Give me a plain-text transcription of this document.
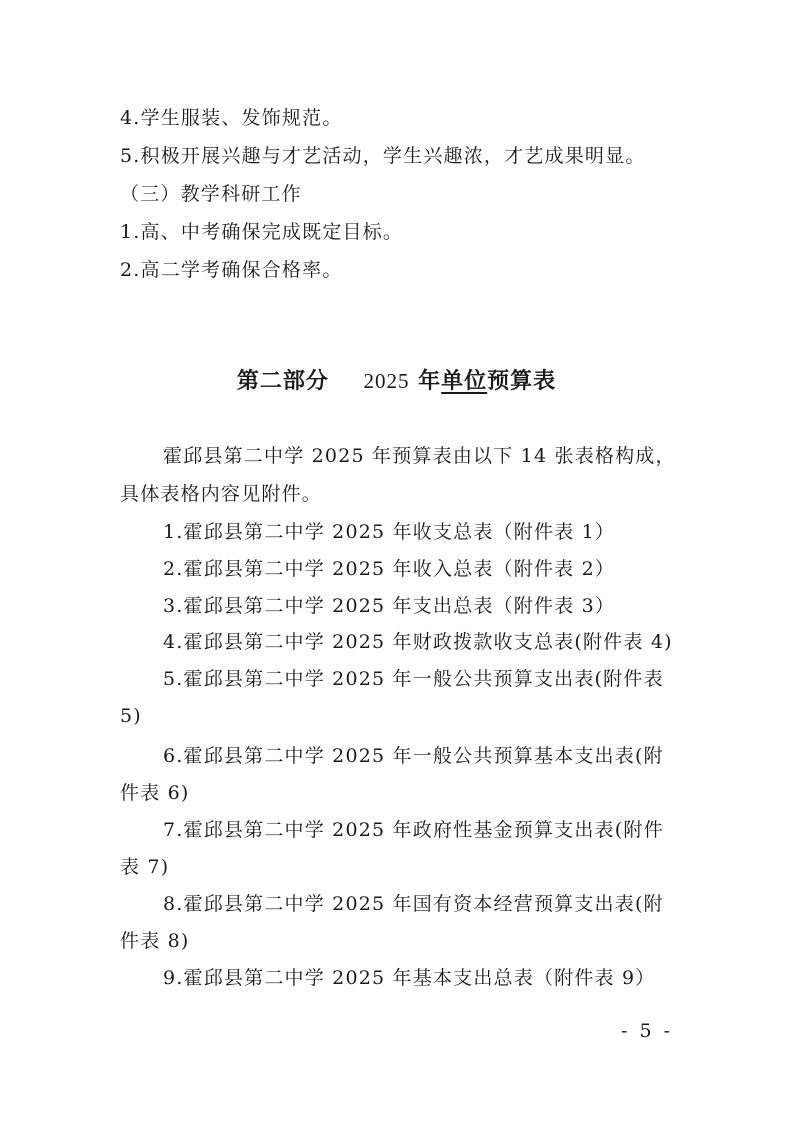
4.学生服装、发饰规范。
5.积极开展兴趣与才艺活动，学生兴趣浓，才艺成果明显。
（三）教学科研工作
1.高、中考确保完成既定目标。
2.高二学考确保合格率。
第二部分 2025 年单位预算表
霍邱县第二中学 2025 年预算表由以下 14 张表格构成，
具体表格内容见附件。
1.霍邱县第二中学 2025 年收支总表（附件表 1）
2.霍邱县第二中学 2025 年收入总表（附件表 2）
3.霍邱县第二中学 2025 年支出总表（附件表 3）
4.霍邱县第二中学 2025 年财政拨款收支总表(附件表 4)
5.霍邱县第二中学 2025 年一般公共预算支出表(附件表
5)
6.霍邱县第二中学 2025 年一般公共预算基本支出表(附
件表 6)
7.霍邱县第二中学 2025 年政府性基金预算支出表(附件
表 7)
8.霍邱县第二中学 2025 年国有资本经营预算支出表(附
件表 8)
9.霍邱县第二中学 2025 年基本支出总表（附件表 9）
- 5 -
